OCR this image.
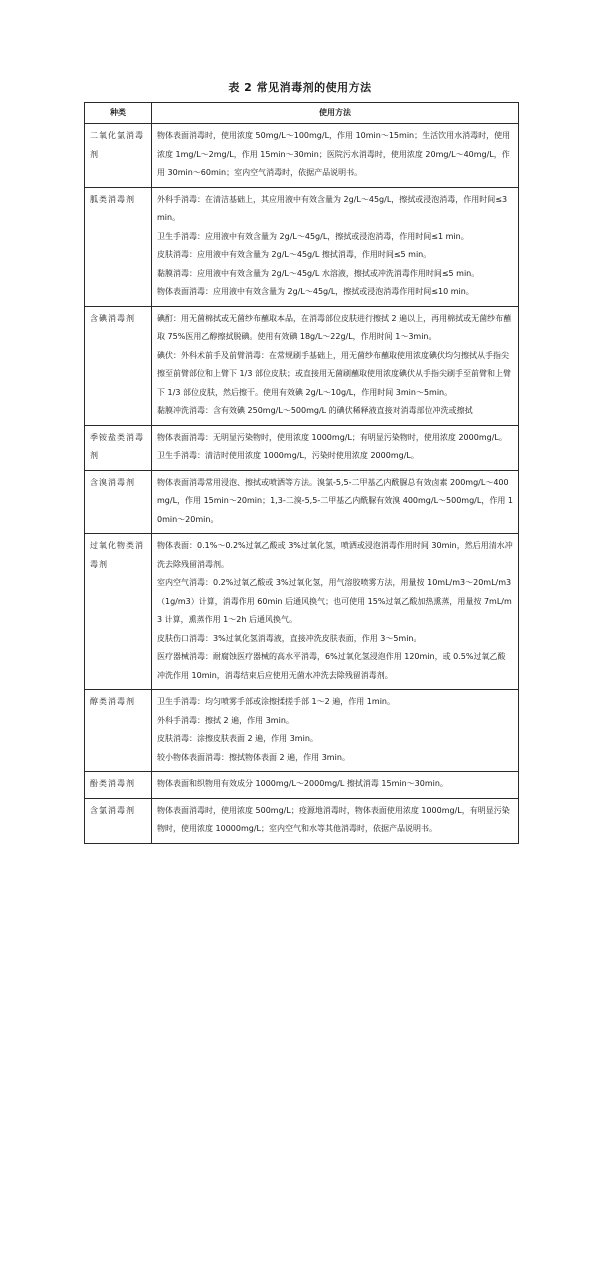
表 2 常见消毒剂的使用方法
种类	使用方法
二氧化氯消毒剂	物体表面消毒时，使用浓度 50mg/L～100mg/L，作用 10min～15min；生活饮用水消毒时，使用浓度 1mg/L～2mg/L，作用 15min～30min；医院污水消毒时，使用浓度 20mg/L～40mg/L，作用 30min～60min；室内空气消毒时，依据产品说明书。

胍类消毒剂	外科手消毒：在清洁基础上，其应用液中有效含量为 2g/L～45g/L，擦拭或浸泡消毒，作用时间≤3 min。
卫生手消毒：应用液中有效含量为 2g/L～45g/L，擦拭或浸泡消毒，作用时间≤1 min。
皮肤消毒：应用液中有效含量为 2g/L～45g/L 擦拭消毒，作用时间≤5 min。
黏膜消毒：应用液中有效含量为 2g/L～45g/L 水溶液，擦拭或冲洗消毒作用时间≤5 min。
物体表面消毒：应用液中有效含量为 2g/L～45g/L，擦拭或浸泡消毒作用时间≤10 min。

含碘消毒剂	碘酊：用无菌棉拭或无菌纱布蘸取本品，在消毒部位皮肤进行擦拭 2 遍以上，再用棉拭或无菌纱布蘸取 75%医用乙醇擦拭脱碘。使用有效碘 18g/L～22g/L，作用时间 1～3min。
碘伏：外科术前手及前臂消毒：在常规刷手基础上，用无菌纱布蘸取使用浓度碘伏均匀擦拭从手指尖擦至前臂部位和上臂下 1/3 部位皮肤；或直接用无菌刷蘸取使用浓度碘伏从手指尖刷手至前臂和上臂下 1/3 部位皮肤，然后擦干。使用有效碘 2g/L～10g/L，作用时间 3min～5min。
黏膜冲洗消毒：含有效碘 250mg/L～500mg/L 的碘伏稀释液直接对消毒部位冲洗或擦拭

季铵盐类消毒剂	物体表面消毒：无明显污染物时，使用浓度 1000mg/L；有明显污染物时，使用浓度 2000mg/L。
卫生手消毒：清洁时使用浓度 1000mg/L，污染时使用浓度 2000mg/L。

含溴消毒剂	物体表面消毒常用浸泡、擦拭或喷洒等方法。溴氯-5,5-二甲基乙内酰脲总有效卤素 200mg/L～400mg/L，作用 15min～20min；1,3-二溴-5,5-二甲基乙内酰脲有效溴 400mg/L～500mg/L，作用 10min～20min。

过氧化物类消毒剂	物体表面：0.1%～0.2%过氧乙酸或 3%过氧化氢，喷洒或浸泡消毒作用时间 30min，然后用清水冲洗去除残留消毒剂。
室内空气消毒：0.2%过氧乙酸或 3%过氧化氢，用气溶胶喷雾方法，用量按 10mL/m3～20mL/m3（1g/m3）计算，消毒作用 60min 后通风换气；也可使用 15%过氧乙酸加热熏蒸，用量按 7mL/m3 计算，熏蒸作用 1～2h 后通风换气。
皮肤伤口消毒：3%过氧化氢消毒液，直接冲洗皮肤表面，作用 3～5min。
医疗器械消毒：耐腐蚀医疗器械的高水平消毒，6%过氧化氢浸泡作用 120min，或 0.5%过氧乙酸冲洗作用 10min，消毒结束后应使用无菌水冲洗去除残留消毒剂。

醇类消毒剂	卫生手消毒：均匀喷雾手部或涂擦揉搓手部 1～2 遍，作用 1min。
外科手消毒：擦拭 2 遍，作用 3min。
皮肤消毒：涂擦皮肤表面 2 遍，作用 3min。
较小物体表面消毒：擦拭物体表面 2 遍，作用 3min。

酚类消毒剂	物体表面和织物用有效成分 1000mg/L～2000mg/L 擦拭消毒 15min～30min。

含氯消毒剂	物体表面消毒时，使用浓度 500mg/L；疫源地消毒时，物体表面使用浓度 1000mg/L，有明显污染物时，使用浓度 10000mg/L；室内空气和水等其他消毒时，依据产品说明书。
